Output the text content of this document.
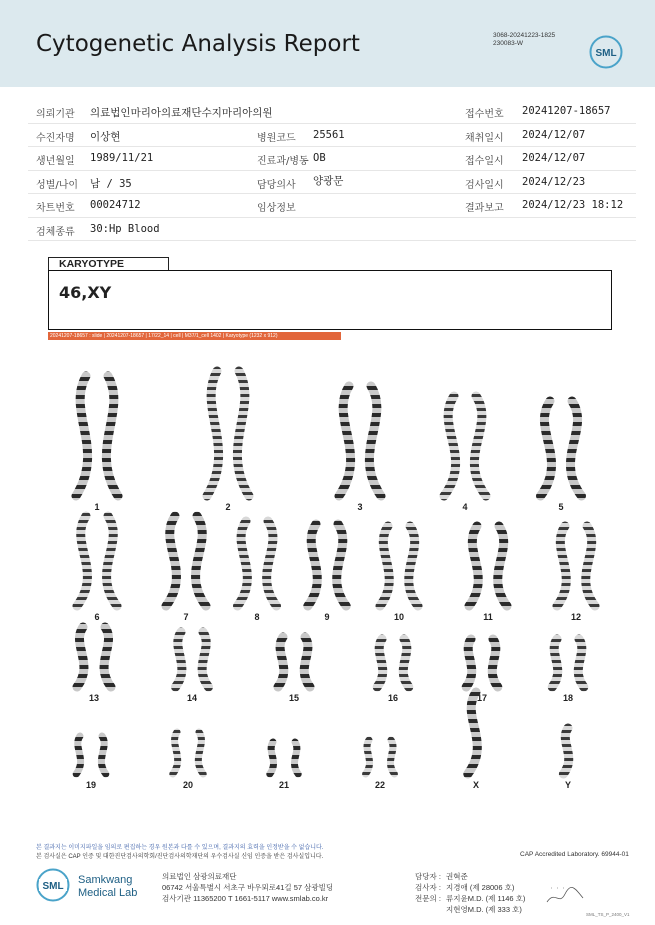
Cytogenetic Analysis Report	3068-20241223-1825
230083-W
SML
의뢰기관 의료법인마리아의료재단수지마리아의원	접수번호 20241207-18657
수진자명 이상현	병원코드 25561	채취일시 2024/12/07
생년월일 1989/11/21	진료과/병동 OB	접수일시 2024/12/07
성별/나이 남 / 35	담당의사 양광문	검사일시 2024/12/23
차트번호 00024712	임상정보	결과보고 2024/12/23 18:12
검체종류 30:Hp Blood
KARYOTYPE
46,XY
20241207-18657 : slide | 20241207-18657 | 17/22_14 | cell | M37/1_cell 1402 | Karyotype (1232 x 912)
1	2	3	4	5
6	7	8	9	10	11	12
13	14	15	16	17	18
19	20	21	22	X	Y
본 결과지는 이미지파일을 임의로 편집하는 경우 원본과 다를 수 있으며, 결과지의 효력을 인정받을 수 없습니다.
본 검사실은 CAP 인증 및 대한진단검사의학회/진단검사의학재단의 우수검사실 신임 인증을 받은 검사실입니다.	CAP Accredited Laboratory. 69944-01
SML
Samkwang
Medical Lab
의료법인 삼광의료재단
06742 서울특별시 서초구 바우뫼로41길 57 삼광빌딩
검사기관 11365200 T 1661-5117 www.smlab.co.kr
담당자 : 권혁준
검사자 : 지경애 (제 28006 호)
전문의 : 류지윤M.D. (제 1146 호)
지현영M.D. (제 333 호)
SML_TS_P_2400_V1
